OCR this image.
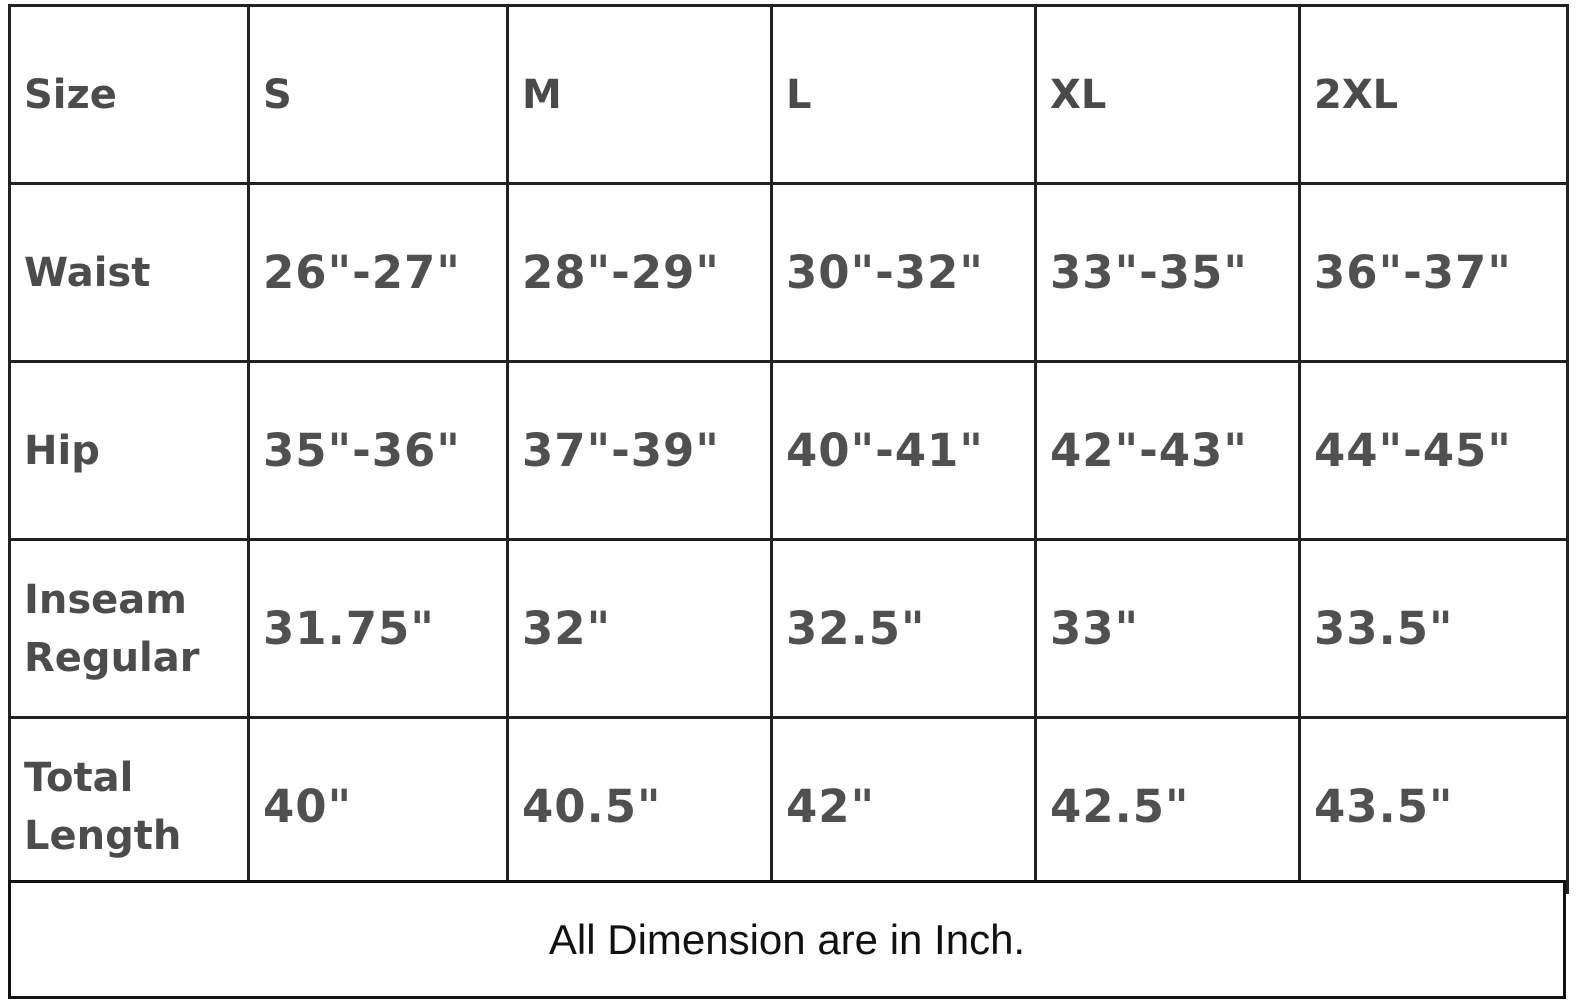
Size	S	M	L	XL	2XL
Waist	26"-27"	28"-29"	30"-32"	33"-35"	36"-37"
Hip	35"-36"	37"-39"	40"-41"	42"-43"	44"-45"
Inseam Regular	31.75"	32"	32.5"	33"	33.5"
Total Length	40"	40.5"	42"	42.5"	43.5"
All Dimension are in Inch.
